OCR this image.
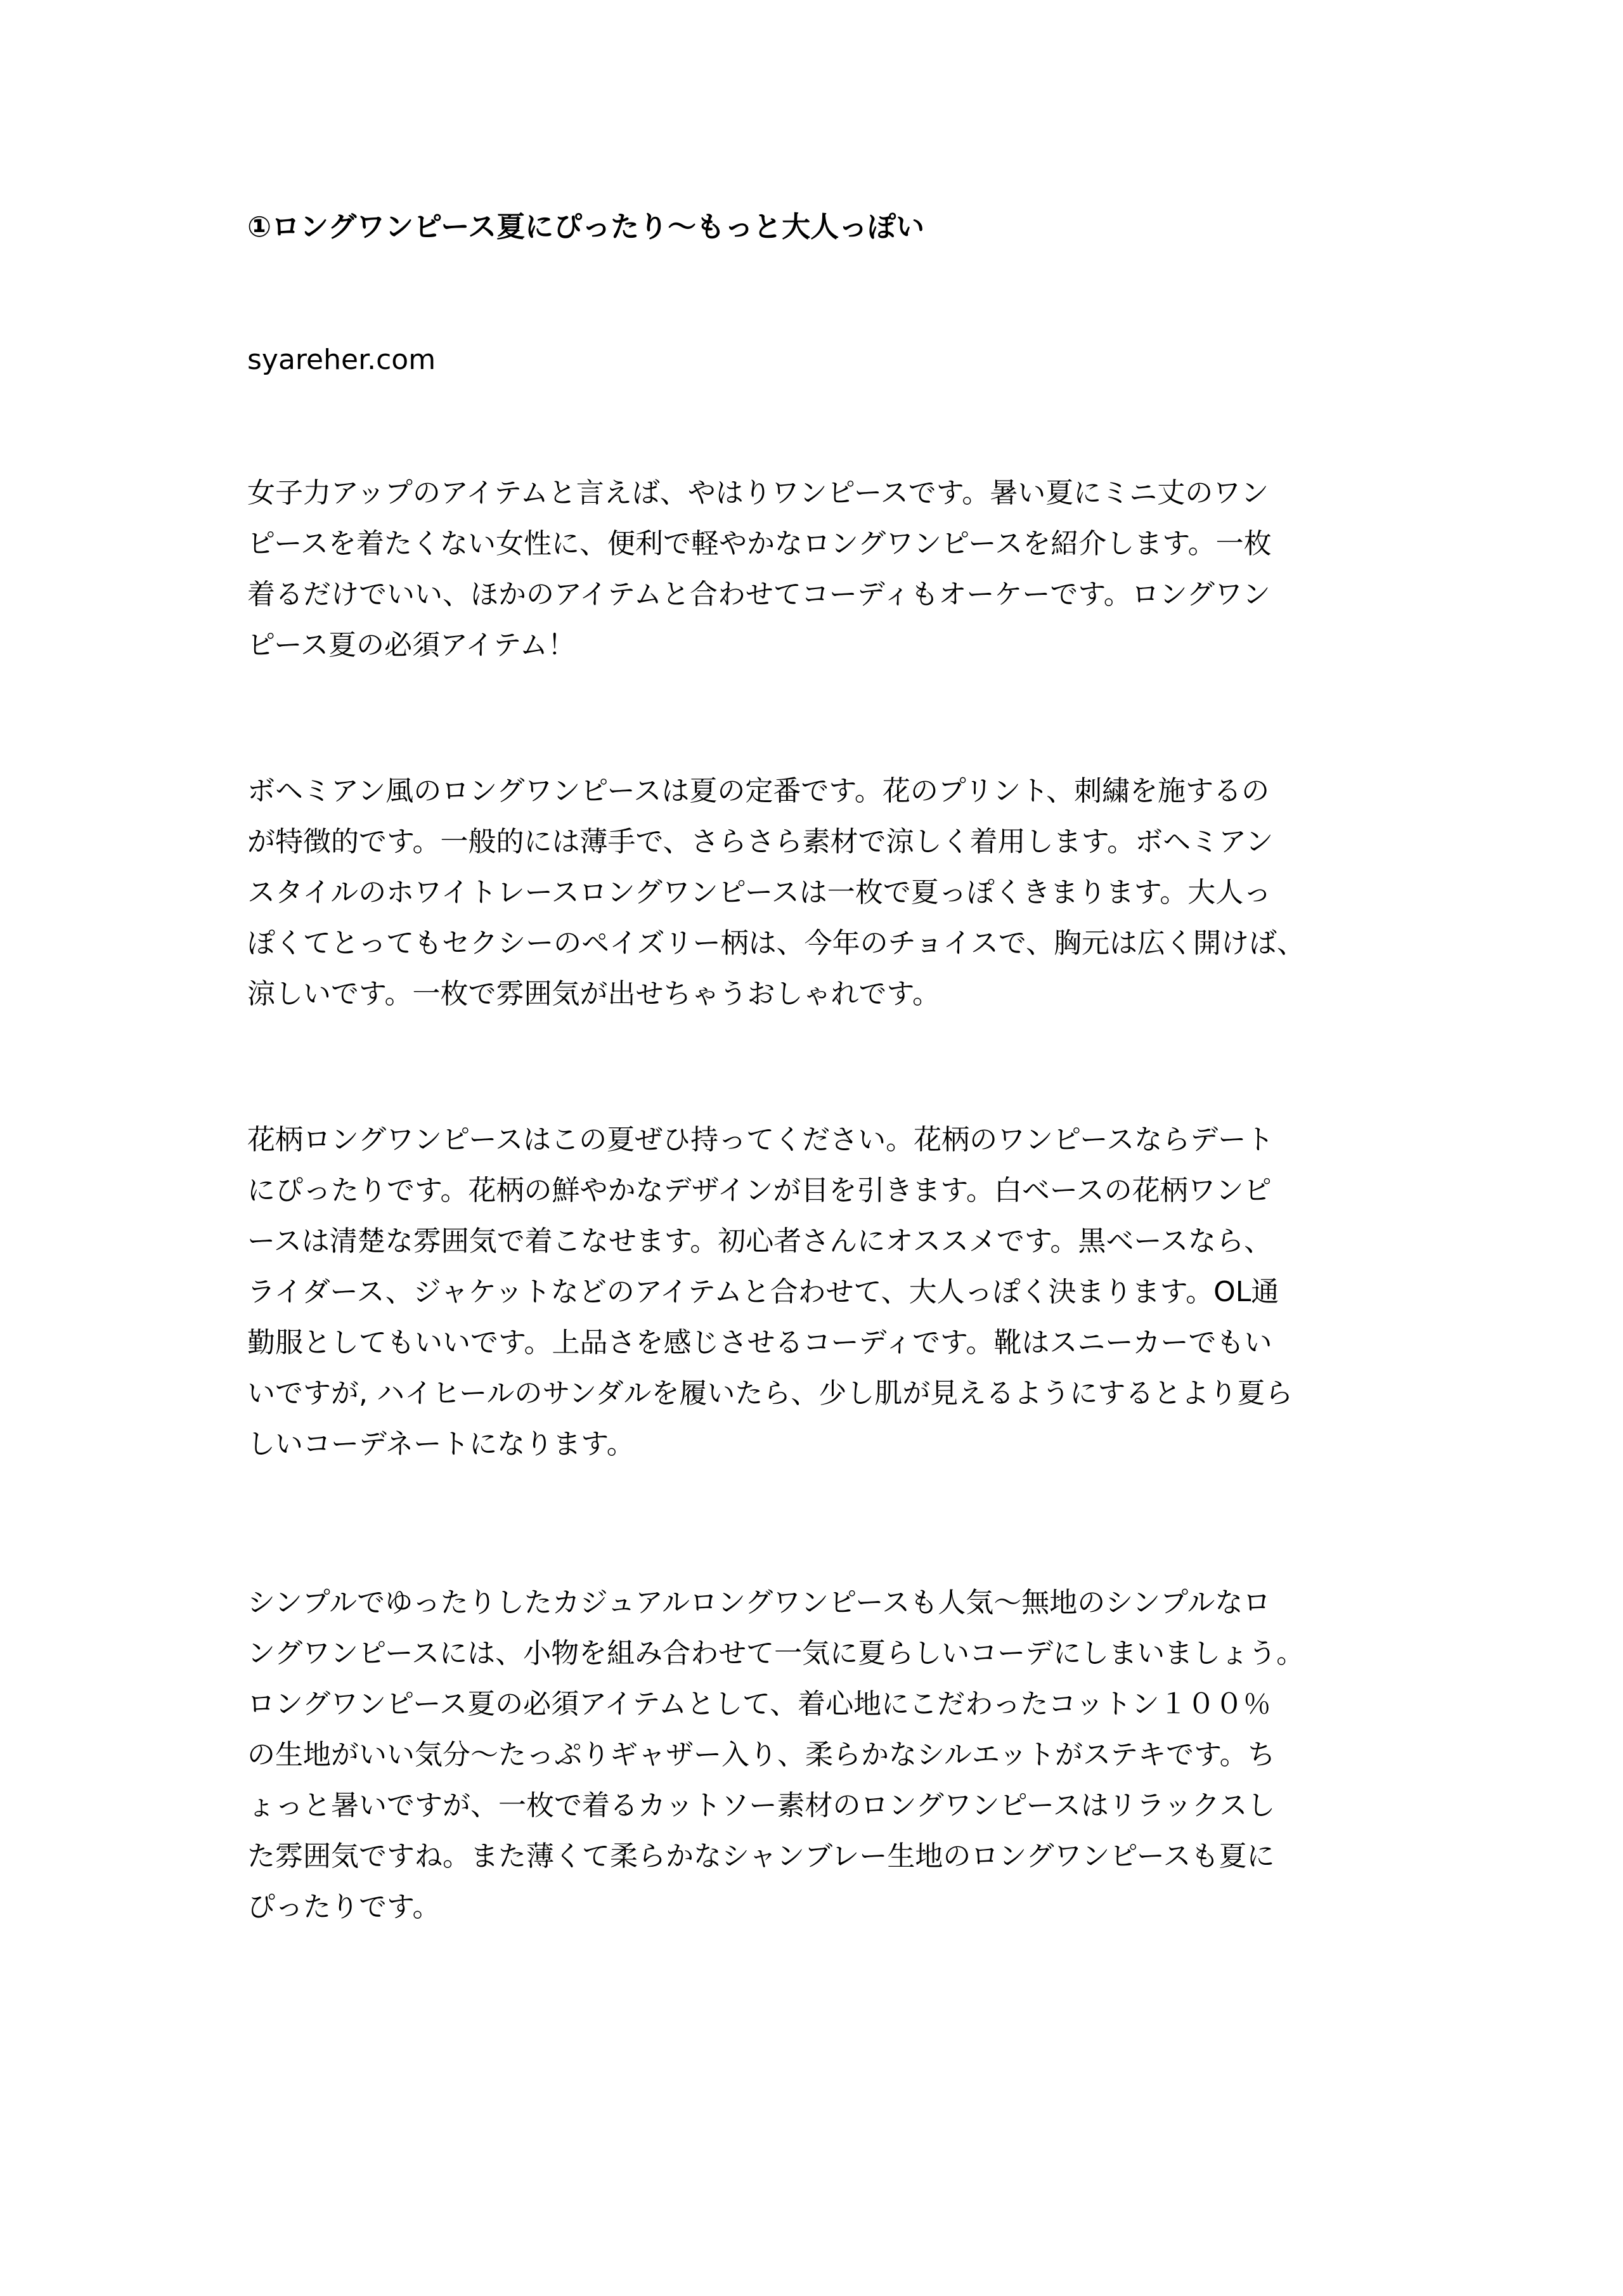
①ロングワンピース夏にぴったり～もっと大人っぽい

syareher.com

女子力アップのアイテムと言えば、やはりワンピースです。暑い夏にミニ丈のワン
ピースを着たくない女性に、便利で軽やかなロングワンピースを紹介します。一枚
着るだけでいい、ほかのアイテムと合わせてコーディもオーケーです。ロングワン
ピース夏の必須アイテム！
ボヘミアン風のロングワンピースは夏の定番です。花のプリント、刺繍を施するの
が特徴的です。一般的には薄手で、さらさら素材で涼しく着用します。ボヘミアン
スタイルのホワイトレースロングワンピースは一枚で夏っぽくきまります。大人っ
ぽくてとってもセクシーのペイズリー柄は、今年のチョイスで、胸元は広く開けば、
涼しいです。一枚で雰囲気が出せちゃうおしゃれです。
花柄ロングワンピースはこの夏ぜひ持ってください。花柄のワンピースならデート
にぴったりです。花柄の鮮やかなデザインが目を引きます。白ベースの花柄ワンピ
ースは清楚な雰囲気で着こなせます。初心者さんにオススメです。黒ベースなら、
ライダース、ジャケットなどのアイテムと合わせて、大人っぽく決まります。OL通
勤服としてもいいです。上品さを感じさせるコーディです。靴はスニーカーでもい
いですが, ハイヒールのサンダルを履いたら、少し肌が見えるようにするとより夏ら
しいコーデネートになります。
シンプルでゆったりしたカジュアルロングワンピースも人気～無地のシンプルなロ
ングワンピースには、小物を組み合わせて一気に夏らしいコーデにしまいましょう。
ロングワンピース夏の必須アイテムとして、着心地にこだわったコットン１００％
の生地がいい気分～たっぷりギャザー入り、柔らかなシルエットがステキです。ち
ょっと暑いですが、一枚で着るカットソー素材のロングワンピースはリラックスし
た雰囲気ですね。また薄くて柔らかなシャンブレー生地のロングワンピースも夏に
ぴったりです。
